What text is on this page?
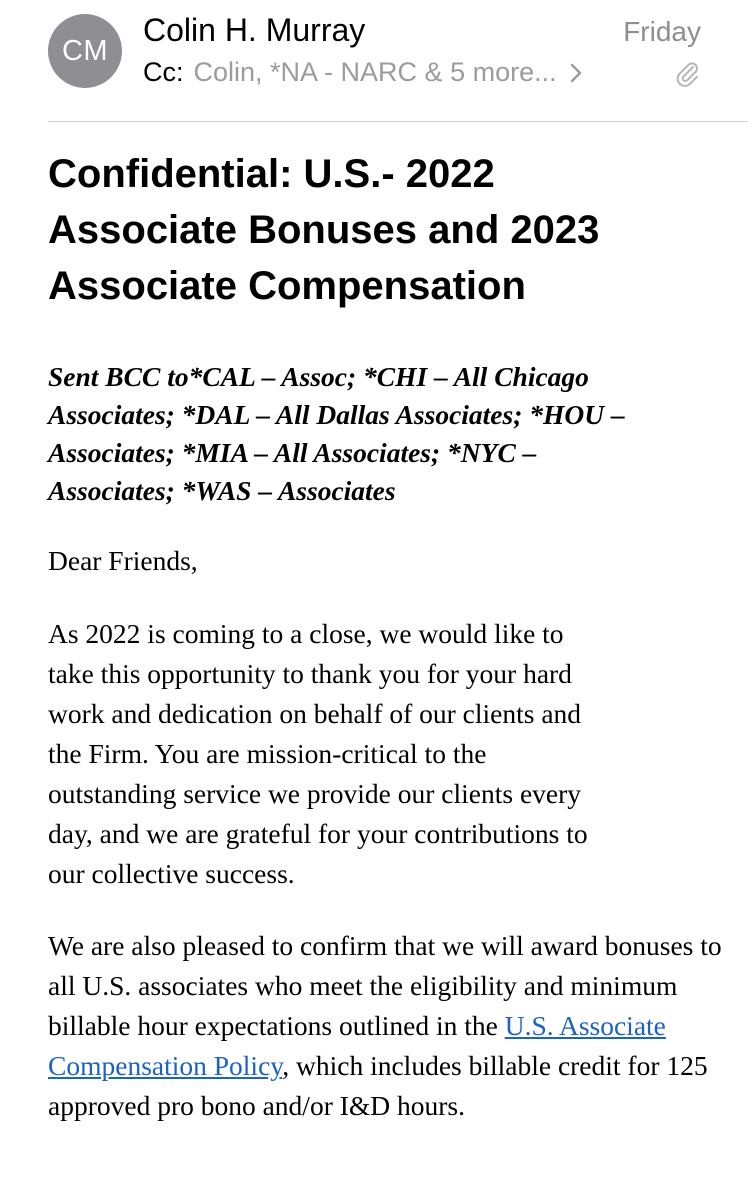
CM
Colin H. Murray	Friday
Cc: Colin, *NA - NARC & 5 more...
Confidential: U.S.- 2022
Associate Bonuses and 2023
Associate Compensation

Sent BCC to*CAL – Assoc; *CHI – All Chicago
Associates; *DAL – All Dallas Associates; *HOU –
Associates; *MIA – All Associates; *NYC –
Associates; *WAS – Associates

Dear Friends,

As 2022 is coming to a close, we would like to
take this opportunity to thank you for your hard
work and dedication on behalf of our clients and
the Firm. You are mission-critical to the
outstanding service we provide our clients every
day, and we are grateful for your contributions to
our collective success.

We are also pleased to confirm that we will award bonuses to all U.S. associates who meet the eligibility and minimum billable hour expectations outlined in the U.S. Associate Compensation Policy, which includes billable credit for 125 approved pro bono and/or I&D hours.
